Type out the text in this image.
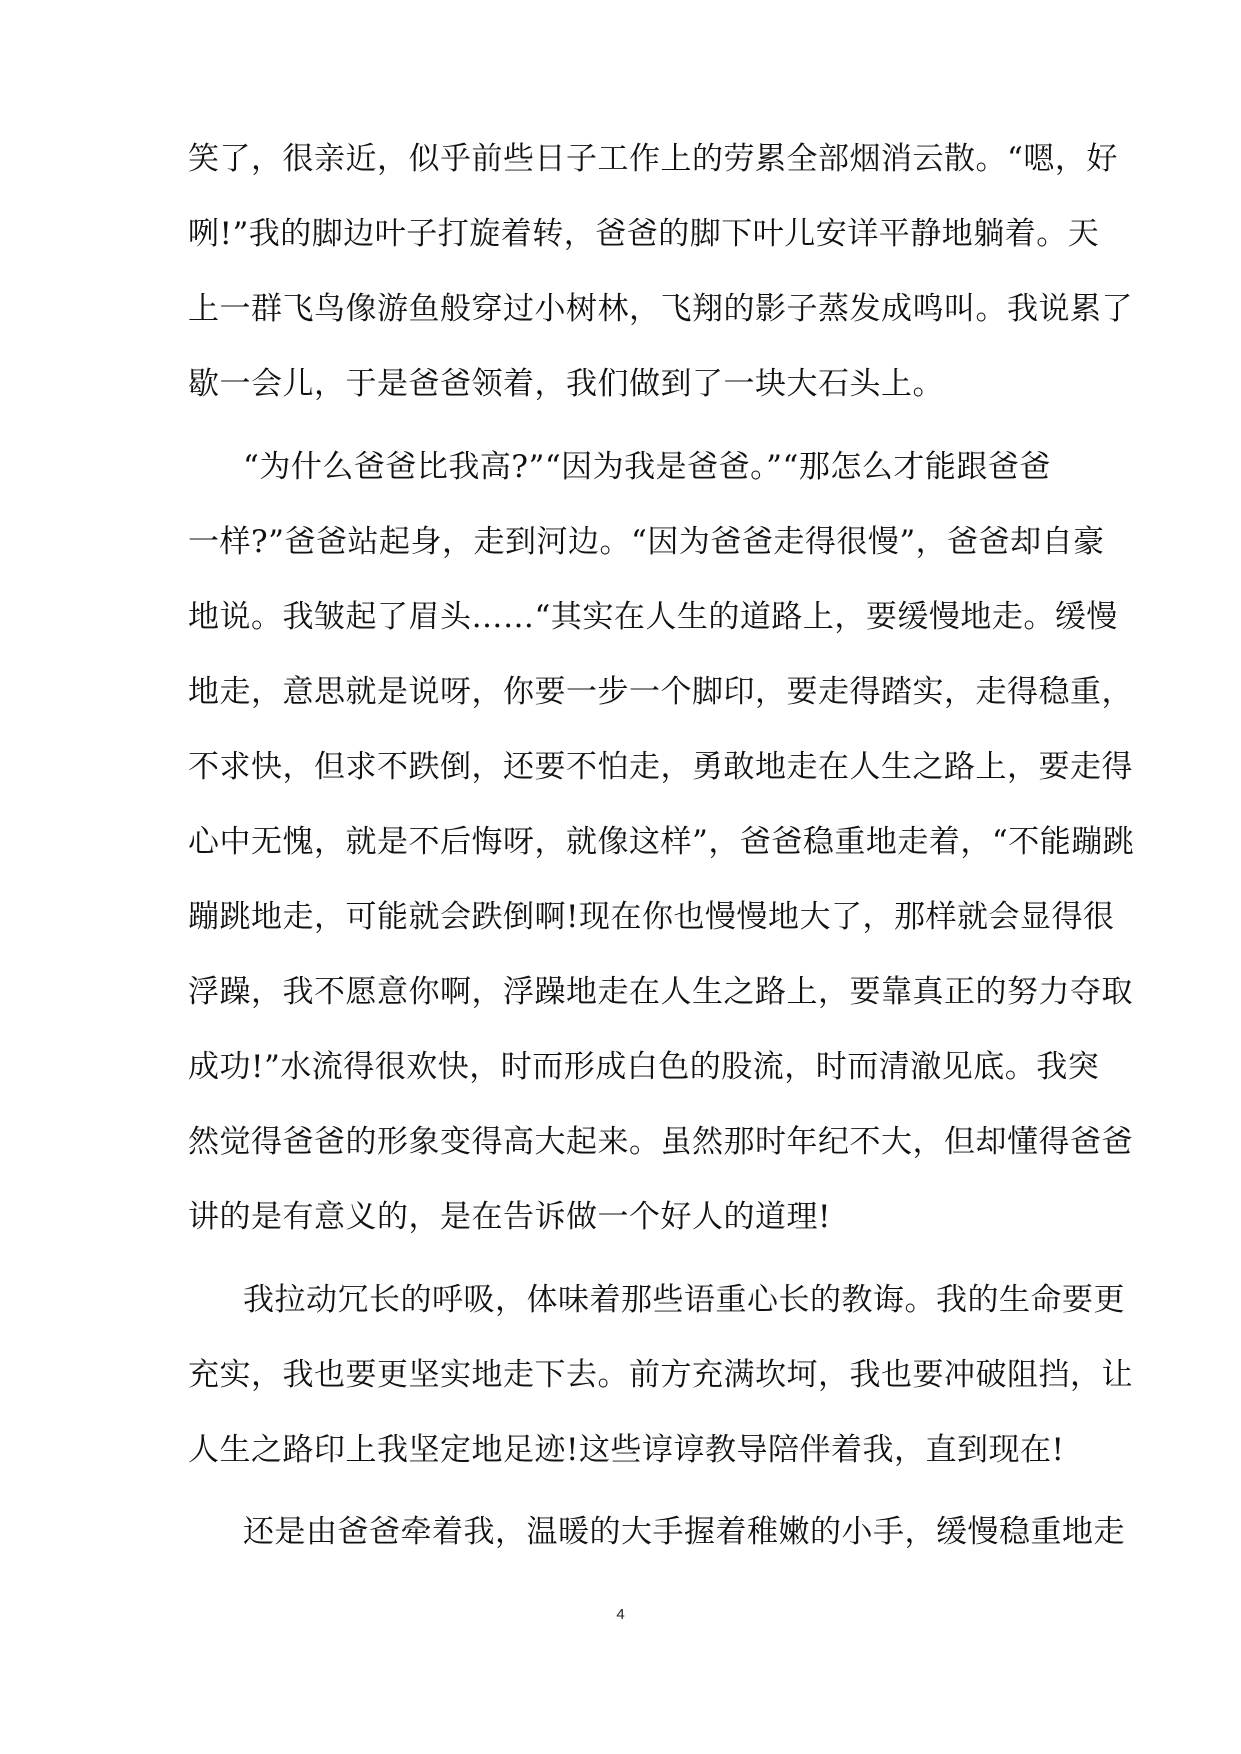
笑了，很亲近，似乎前些日子工作上的劳累全部烟消云散。“嗯，好
咧!”我的脚边叶子打旋着转，爸爸的脚下叶儿安详平静地躺着。天
上一群飞鸟像游鱼般穿过小树林，飞翔的影子蒸发成鸣叫。我说累了
歇一会儿，于是爸爸领着，我们做到了一块大石头上。
“为什么爸爸比我高?”“因为我是爸爸。”“那怎么才能跟爸爸
一样?”爸爸站起身，走到河边。“因为爸爸走得很慢”，爸爸却自豪
地说。我皱起了眉头……“其实在人生的道路上，要缓慢地走。缓慢
地走，意思就是说呀，你要一步一个脚印，要走得踏实，走得稳重，
不求快，但求不跌倒，还要不怕走，勇敢地走在人生之路上，要走得
心中无愧，就是不后悔呀，就像这样”，爸爸稳重地走着，“不能蹦跳
蹦跳地走，可能就会跌倒啊!现在你也慢慢地大了，那样就会显得很
浮躁，我不愿意你啊，浮躁地走在人生之路上，要靠真正的努力夺取
成功!”水流得很欢快，时而形成白色的股流，时而清澈见底。我突
然觉得爸爸的形象变得高大起来。虽然那时年纪不大，但却懂得爸爸
讲的是有意义的，是在告诉做一个好人的道理!
我拉动冗长的呼吸，体味着那些语重心长的教诲。我的生命要更
充实，我也要更坚实地走下去。前方充满坎坷，我也要冲破阻挡，让
人生之路印上我坚定地足迹!这些谆谆教导陪伴着我，直到现在!
还是由爸爸牵着我，温暖的大手握着稚嫩的小手，缓慢稳重地走
4
